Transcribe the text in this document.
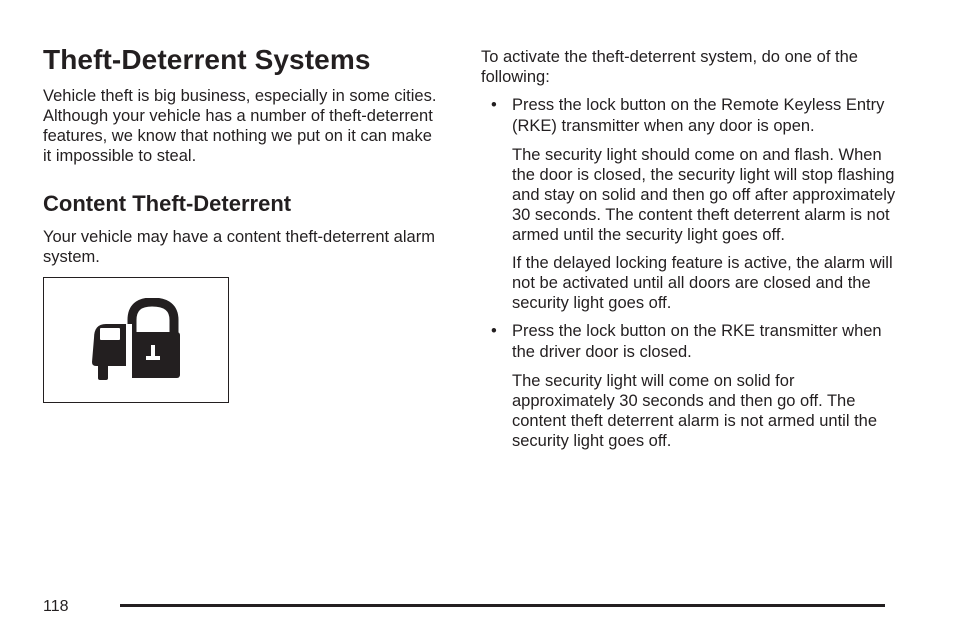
Theft-Deterrent Systems

Vehicle theft is big business, especially in some cities. Although your vehicle has a number of theft-deterrent features, we know that nothing we put on it can make it impossible to steal.

Content Theft-Deterrent

Your vehicle may have a content theft-deterrent alarm system.

To activate the theft-deterrent system, do one of the following:

• Press the lock button on the Remote Keyless Entry (RKE) transmitter when any door is open.

The security light should come on and flash. When the door is closed, the security light will stop flashing and stay on solid and then go off after approximately 30 seconds. The content theft deterrent alarm is not armed until the security light goes off.

If the delayed locking feature is active, the alarm will not be activated until all doors are closed and the security light goes off.

• Press the lock button on the RKE transmitter when the driver door is closed.

The security light will come on solid for approximately 30 seconds and then go off. The content theft deterrent alarm is not armed until the security light goes off.

118
